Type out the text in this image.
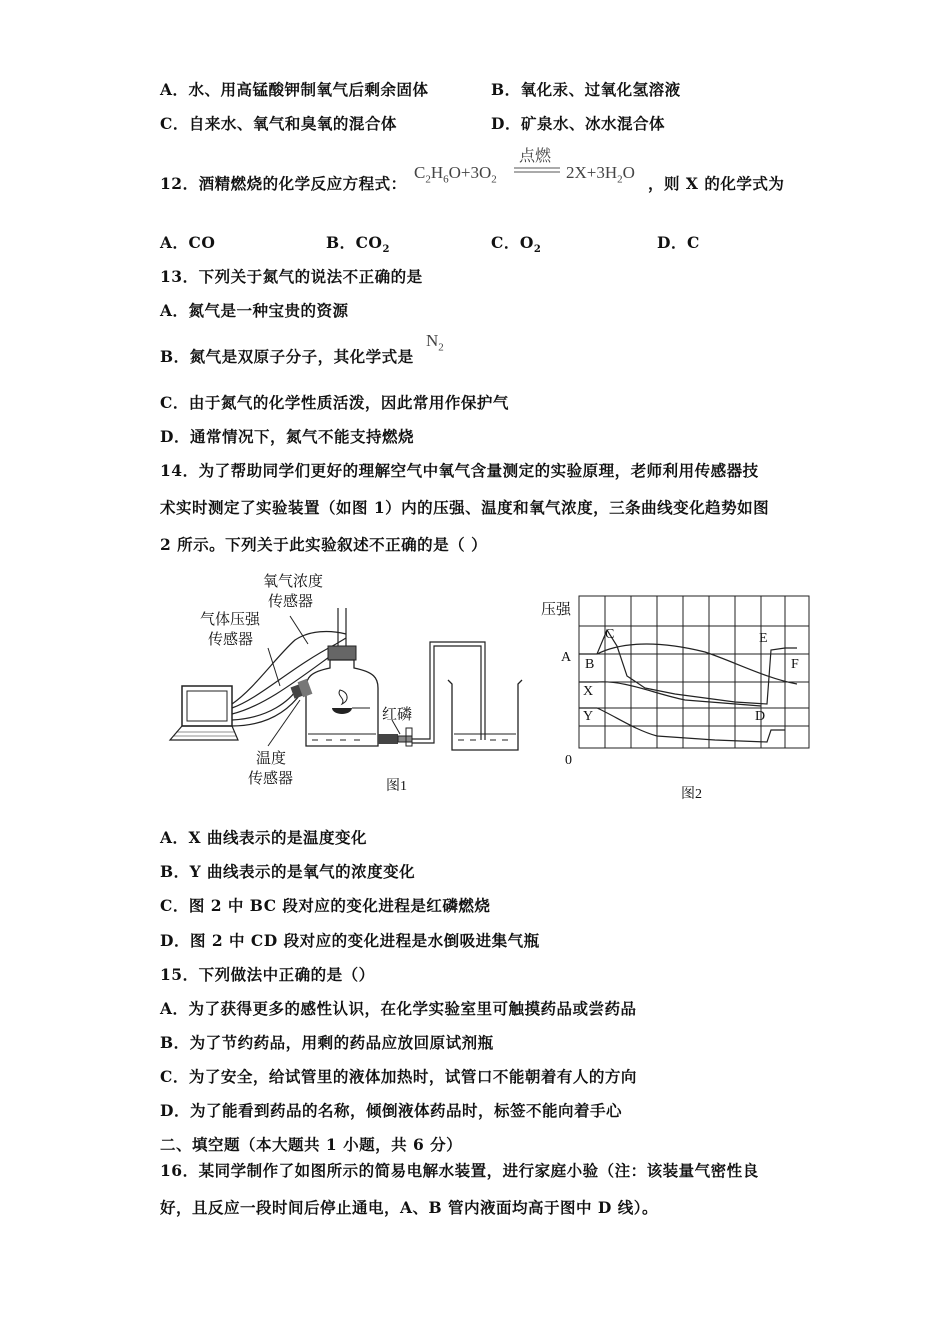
A．水、用高锰酸钾制氧气后剩余固体	B．氧化汞、过氧化氢溶液
C．自来水、氧气和臭氧的混合体	D．矿泉水、冰水混合体
12．酒精燃烧的化学反应方程式：
$C_2H_6O+3O_2$
点燃
$2X+3H_2O$
，则 X 的化学式为
A．CO	B．$CO_2$	C．$O_2$	D．C
13．下列关于氮气的说法不正确的是
A．氮气是一种宝贵的资源
B．氮气是双原子分子，其化学式是
$N_2$
C．由于氮气的化学性质活泼，因此常用作保护气
D．通常情况下，氮气不能支持燃烧
14．为了帮助同学们更好的理解空气中氧气含量测定的实验原理，老师利用传感器技
术实时测定了实验装置（如图 1）内的压强、温度和氧气浓度，三条曲线变化趋势如图
2 所示。下列关于此实验叙述不正确的是（ ）
氧气浓度
传感器
气体压强
传感器
红磷
温度
传感器	图1
压强
A B
C
D
E
F
X
Y
0
图2
A．X 曲线表示的是温度变化
B．Y 曲线表示的是氧气的浓度变化
C．图 2 中 BC 段对应的变化进程是红磷燃烧
D．图 2 中 CD 段对应的变化进程是水倒吸进集气瓶
15．下列做法中正确的是（）
A．为了获得更多的感性认识，在化学实验室里可触摸药品或尝药品
B．为了节约药品，用剩的药品应放回原试剂瓶
C．为了安全，给试管里的液体加热时，试管口不能朝着有人的方向
D．为了能看到药品的名称，倾倒液体药品时，标签不能向着手心
二、填空题（本大题共 1 小题，共 6 分）
16．某同学制作了如图所示的简易电解水装置，进行家庭小验（注：该装量气密性良
好，且反应一段时间后停止通电，A、B 管内液面均高于图中 D 线）。
